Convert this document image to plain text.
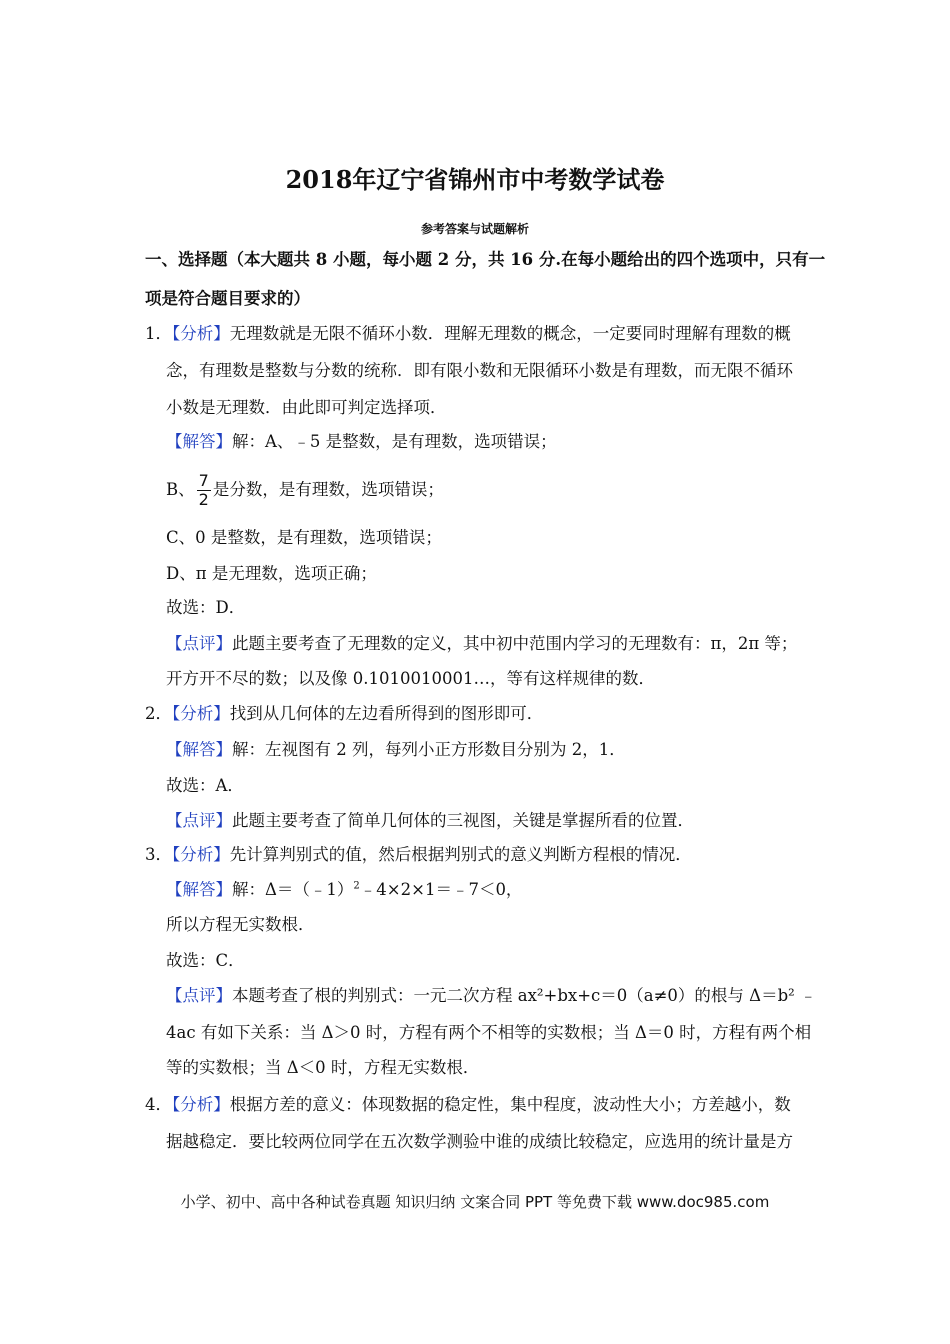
2018年辽宁省锦州市中考数学试卷
参考答案与试题解析
一、选择题（本大题共 8 小题，每小题 2 分，共 16 分.在每小题给出的四个选项中，只有一
项是符合题目要求的）
1．【分析】无理数就是无限不循环小数．理解无理数的概念，一定要同时理解有理数的概
念，有理数是整数与分数的统称．即有限小数和无限循环小数是有理数，而无限不循环
小数是无理数．由此即可判定选择项．
【解答】解：A、﹣5 是整数，是有理数，选项错误；
B、 $\frac{7}{2}$ 是分数，是有理数，选项错误；
C、0 是整数，是有理数，选项错误；
D、π 是无理数，选项正确；
故选：D．
【点评】此题主要考查了无理数的定义，其中初中范围内学习的无理数有：π，2π 等；
开方开不尽的数；以及像 0.1010010001…，等有这样规律的数．
2．【分析】找到从几何体的左边看所得到的图形即可．
【解答】解：左视图有 2 列，每列小正方形数目分别为 2，1．
故选：A．
【点评】此题主要考查了简单几何体的三视图，关键是掌握所看的位置．
3．【分析】先计算判别式的值，然后根据判别式的意义判断方程根的情况．
【解答】解：Δ＝（﹣1）$^2$﹣4×2×1＝﹣7＜0，
所以方程无实数根．
故选：C．
【点评】本题考查了根的判别式：一元二次方程 ax²+bx+c＝0（a≠0）的根与 Δ＝b² ﹣
4ac 有如下关系：当 Δ＞0 时，方程有两个不相等的实数根；当 Δ＝0 时，方程有两个相
等的实数根；当 Δ＜0 时，方程无实数根．
4．【分析】根据方差的意义：体现数据的稳定性，集中程度，波动性大小；方差越小，数
据越稳定．要比较两位同学在五次数学测验中谁的成绩比较稳定，应选用的统计量是方
小学、初中、高中各种试卷真题 知识归纳 文案合同 PPT 等免费下载 www.doc985.com
